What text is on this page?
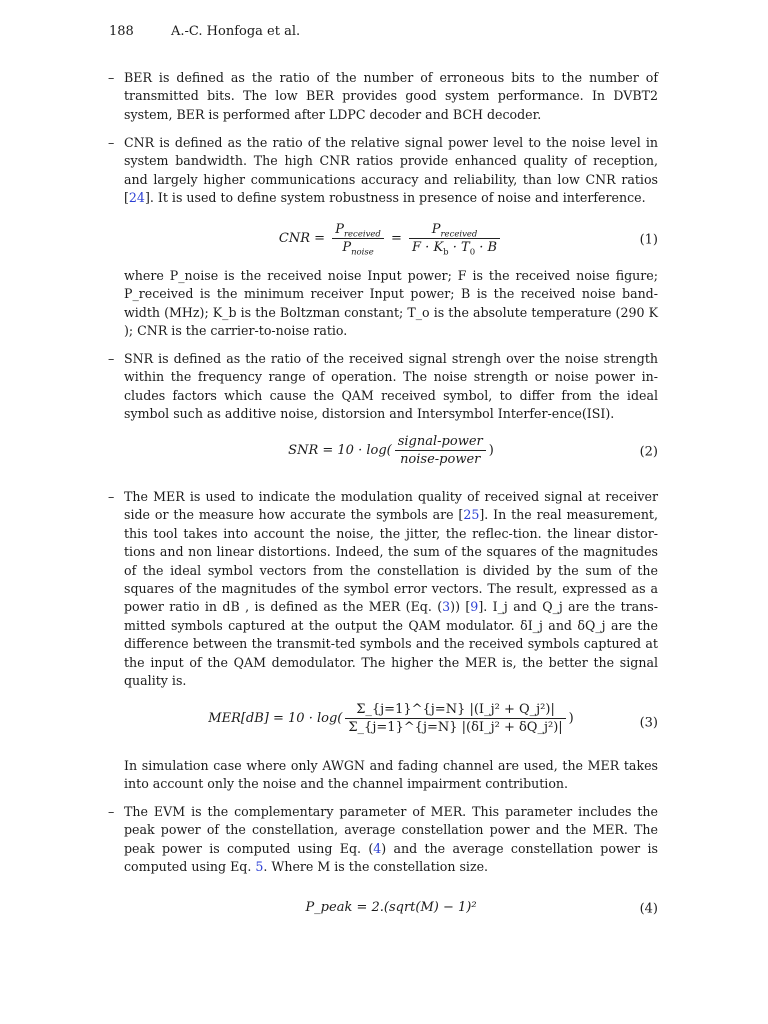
188	A.-C. Honfoga et al.
– BER is defined as the ratio of the number of erroneous bits to the number of transmitted bits. The low BER provides good system performance. In DVBT2 system, BER is performed after LDPC decoder and BCH decoder.
– CNR is defined as the ratio of the relative signal power level to the noise level in system bandwidth. The high CNR ratios provide enhanced quality of reception, and largely higher communications accuracy and reliability, than low CNR ratios [24]. It is used to define system robustness in presence of noise and interference.
CNR = $\frac{P_{received}}{P_{noise}} = \frac{P_{received}}{F \cdot K_b \cdot T_0 \cdot B}$	(1)
where P_noise is the received noise Input power; F is the received noise figure; P_received is the minimum receiver Input power; B is the received noise band-width (MHz); K_b is the Boltzman constant; T_o is the absolute temperature (290 K ); CNR is the carrier-to-noise ratio.
– SNR is defined as the ratio of the received signal strengh over the noise strength within the frequency range of operation. The noise strength or noise power in-cludes factors which cause the QAM received symbol, to differ from the ideal symbol such as additive noise, distorsion and Intersymbol Interfer-ence(ISI).
SNR = $10 \cdot \log( \frac{\text{signal-power}}{\text{noise-power}}$ )	(2)
– The MER is used to indicate the modulation quality of received signal at receiver side or the measure how accurate the symbols are [25]. In the real measurement, this tool takes into account the noise, the jitter, the reflec-tion. the linear distor-tions and non linear distortions. Indeed, the sum of the squares of the magnitudes of the ideal symbol vectors from the constellation is divided by the sum of the squares of the magnitudes of the symbol error vectors. The result, expressed as a power ratio in dB , is defined as the MER (Eq. (3)) [9]. I_j and Q_j are the trans-mitted symbols captured at the output the QAM modulator. δI_j and δQ_j are the difference between the transmit-ted symbols and the received symbols captured at the input of the QAM demodulator. The higher the MER is, the better the signal quality is.
$MER[dB] = 10 \cdot \log( \frac{\text{Σ\_\{j=1\}\textasciicircum{}\{j=N\} |(I\_j² + Q\_j²)|}}{\text{Σ\_\{j=1\}\textasciicircum{}\{j=N\} |(δI\_j² + δQ\_j²)|}}$ )	(3)
In simulation case where only AWGN and fading channel are used, the MER takes into account only the noise and the channel impairment contribution.
– The EVM is the complementary parameter of MER. This parameter includes the peak power of the constellation, average constellation power and the MER. The peak power is computed using Eq. (4) and the average constellation power is computed using Eq. 5. Where M is the constellation size.
P_peak = 2.(sqrt(M) − 1)²	(4)
